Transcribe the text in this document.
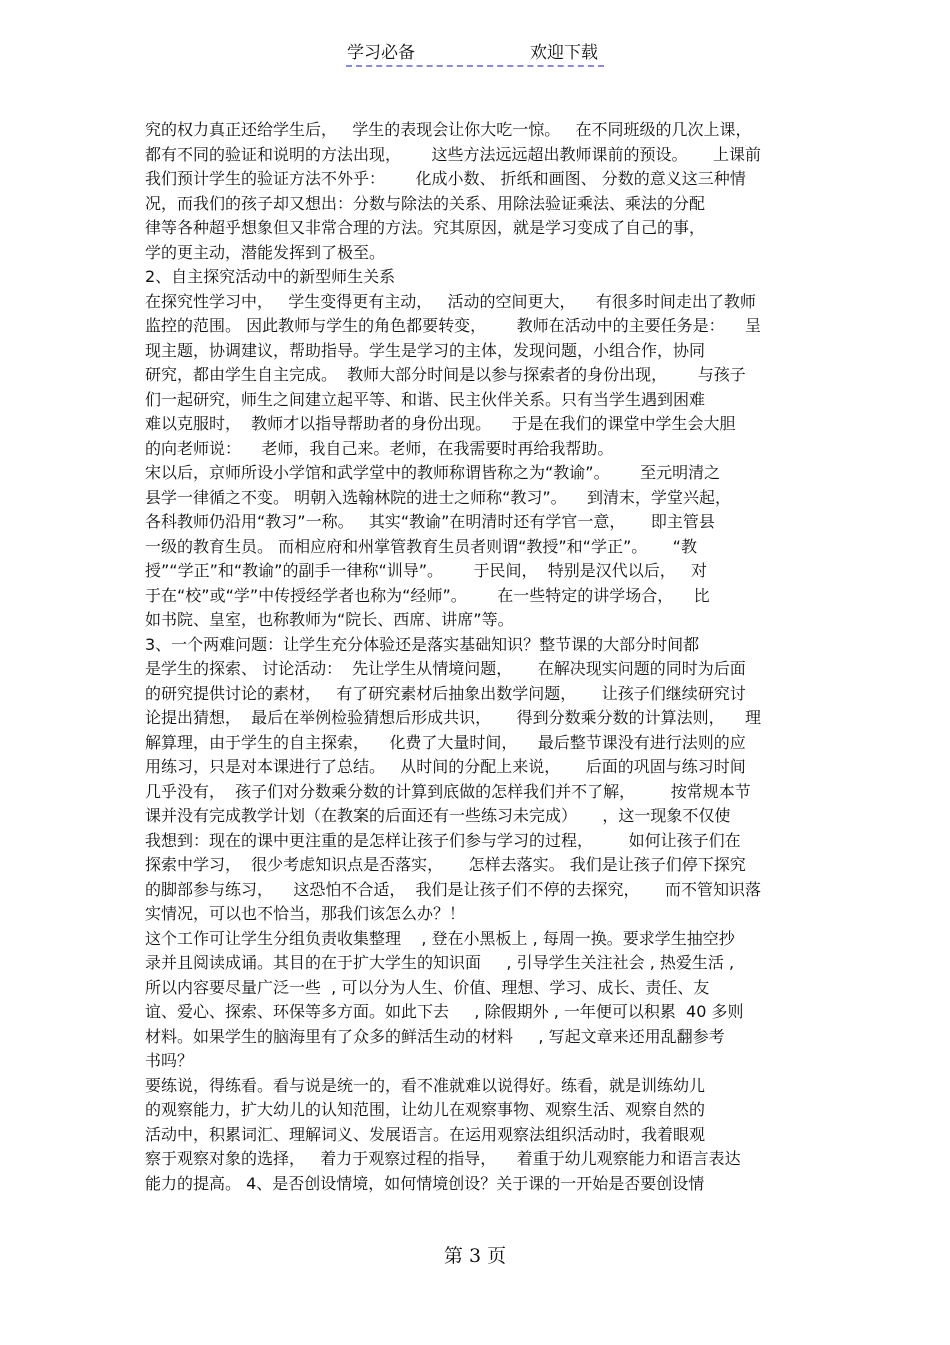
学习必备	欢迎下载
究的权力真正还给学生后，   学生的表现会让你大吃一惊。   在不同班级的几次上课，
都有不同的验证和说明的方法出现，      这些方法远远超出教师课前的预设。     上课前
我们预计学生的验证方法不外乎：      化成小数、 折纸和画图、 分数的意义这三种情
况，而我们的孩子却又想出：分数与除法的关系、用除法验证乘法、乘法的分配
律等各种超乎想象但又非常合理的方法。究其原因，就是学习变成了自己的事，
学的更主动，潜能发挥到了极至。
2、自主探究活动中的新型师生关系
在探究性学习中，   学生变得更有主动，   活动的空间更大，    有很多时间走出了教师
监控的范围。 因此教师与学生的角色都要转变，      教师在活动中的主要任务是：    呈
现主题，协调建议，帮助指导。学生是学习的主体，发现问题，小组合作，协同
研究，都由学生自主完成。  教师大部分时间是以参与探索者的身份出现，      与孩子
们一起研究，师生之间建立起平等、和谐、民主伙伴关系。只有当学生遇到困难
难以克服时，  教师才以指导帮助者的身份出现。    于是在我们的课堂中学生会大胆
的向老师说：    老师，我自己来。老师，在我需要时再给我帮助。
宋以后，京师所设小学馆和武学堂中的教师称谓皆称之为“教谕”。      至元明清之
县学一律循之不变。 明朝入选翰林院的进士之师称“教习”。    到清末，学堂兴起，
各科教师仍沿用“教习”一称。   其实“教谕”在明清时还有学官一意，     即主管县
一级的教育生员。 而相应府和州掌管教育生员者则谓“教授”和“学正”。     “教
授”“学正”和“教谕”的副手一律称“训导”。      于民间，  特别是汉代以后，   对
于在“校”或“学”中传授经学者也称为“经师”。      在一些特定的讲学场合，    比
如书院、皇室，也称教师为“院长、西席、讲席”等。
3、一个两难问题：让学生充分体验还是落实基础知识？整节课的大部分时间都
是学生的探索、 讨论活动：  先让学生从情境问题，     在解决现实问题的同时为后面
的研究提供讨论的素材，   有了研究素材后抽象出数学问题，     让孩子们继续研究讨
论提出猜想，  最后在举例检验猜想后形成共识，     得到分数乘分数的计算法则，    理
解算理，由于学生的自主探索，    化费了大量时间，    最后整节课没有进行法则的应
用练习，只是对本课进行了总结。   从时间的分配上来说，     后面的巩固与练习时间
几乎没有，  孩子们对分数乘分数的计算到底做的怎样我们并不了解，       按常规本节
课并没有完成教学计划（在教案的后面还有一些练习未完成）     ，这一现象不仅使
我想到：现在的课中更注重的是怎样让孩子们参与学习的过程，       如何让孩子们在
探索中学习，  很少考虑知识点是否落实，     怎样去落实。 我们是让孩子们停下探究
的脚部参与练习，    这恐怕不合适，  我们是让孩子们不停的去探究，     而不管知识落
实情况，可以也不恰当，那我们该怎么办？！
这个工作可让学生分组负责收集整理    , 登在小黑板上 , 每周一换。要求学生抽空抄
录并且阅读成诵。其目的在于扩大学生的知识面     , 引导学生关注社会 , 热爱生活 ,
所以内容要尽量广泛一些  , 可以分为人生、价值、理想、学习、成长、责任、友
谊、爱心、探索、环保等多方面。如此下去     , 除假期外 , 一年便可以积累  40 多则
材料。如果学生的脑海里有了众多的鲜活生动的材料     , 写起文章来还用乱翻参考
书吗？
要练说，得练看。看与说是统一的，看不准就难以说得好。练看，就是训练幼儿
的观察能力，扩大幼儿的认知范围，让幼儿在观察事物、观察生活、观察自然的
活动中，积累词汇、理解词义、发展语言。在运用观察法组织活动时，我着眼观
察于观察对象的选择，   着力于观察过程的指导，    着重于幼儿观察能力和语言表达
能力的提高。 4、是否创设情境，如何情境创设？关于课的一开始是否要创设情
第 3 页
